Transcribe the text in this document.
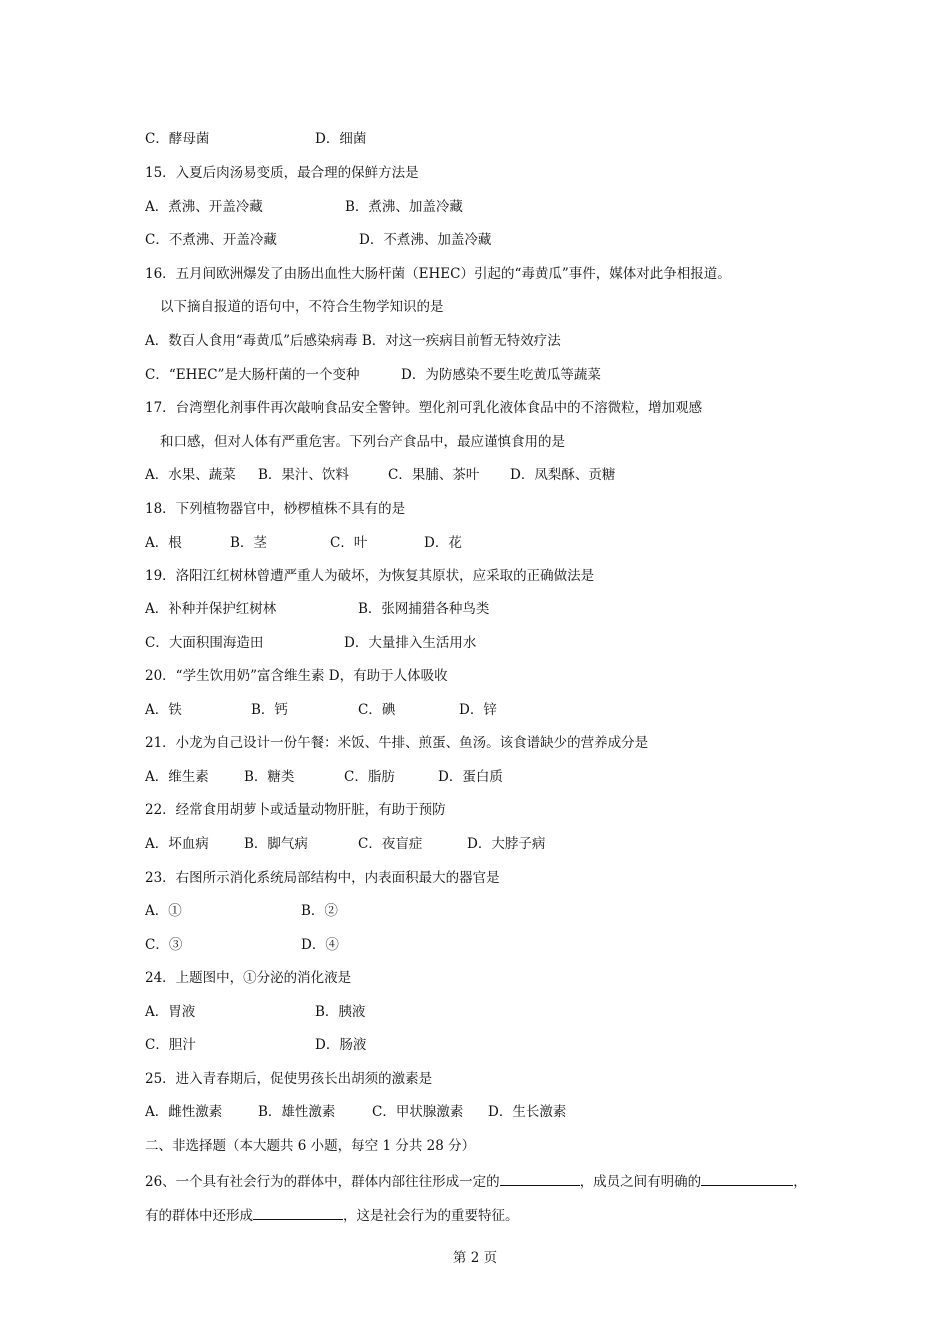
C．酵母菌	D．细菌
15．入夏后肉汤易变质，最合理的保鲜方法是
A．煮沸、开盖冷藏	B．煮沸、加盖冷藏
C．不煮沸、开盖冷藏	D．不煮沸、加盖冷藏
16．五月间欧洲爆发了由肠出血性大肠杆菌（EHEC）引起的“毒黄瓜”事件，媒体对此争相报道。
以下摘自报道的语句中，不符合生物学知识的是
A．数百人食用“毒黄瓜”后感染病毒 B．对这一疾病目前暂无特效疗法
C．“EHEC”是大肠杆菌的一个变种	D．为防感染不要生吃黄瓜等蔬菜
17．台湾塑化剂事件再次敲响食品安全警钟。塑化剂可乳化液体食品中的不溶微粒，增加观感
和口感，但对人体有严重危害。下列台产食品中，最应谨慎食用的是
A．水果、蔬菜 B．果汁、饮料	C．果脯、茶叶 D．凤梨酥、贡糖
18．下列植物器官中，桫椤植株不具有的是
A．根	B．茎	C．叶	D．花
19．洛阳江红树林曾遭严重人为破坏，为恢复其原状，应采取的正确做法是
A．补种并保护红树林	B．张网捕猎各种鸟类
C．大面积围海造田	D．大量排入生活用水
20．“学生饮用奶”富含维生素 D，有助于人体吸收
A．铁	B．钙	C．碘	D．锌
21．小龙为自己设计一份午餐：米饭、牛排、煎蛋、鱼汤。该食谱缺少的营养成分是
A．维生素	B．糖类	C．脂肪	D．蛋白质
22．经常食用胡萝卜或适量动物肝脏，有助于预防
A．坏血病	B．脚气病	C．夜盲症	D．大脖子病
23．右图所示消化系统局部结构中，内表面积最大的器官是
A．①	B．②
C．③	D．④
24．上题图中，①分泌的消化液是
A．胃液	B．胰液
C．胆汁	D．肠液
25．进入青春期后，促使男孩长出胡须的激素是
A．雌性激素	B．雄性激素	C．甲状腺激素 D．生长激素
二、非选择题（本大题共 6 小题，每空 1 分共 28 分）
26、一个具有社会行为的群体中，群体内部往往形成一定的	，成员之间有明确的	，
有的群体中还形成	，这是社会行为的重要特征。
第 2 页
